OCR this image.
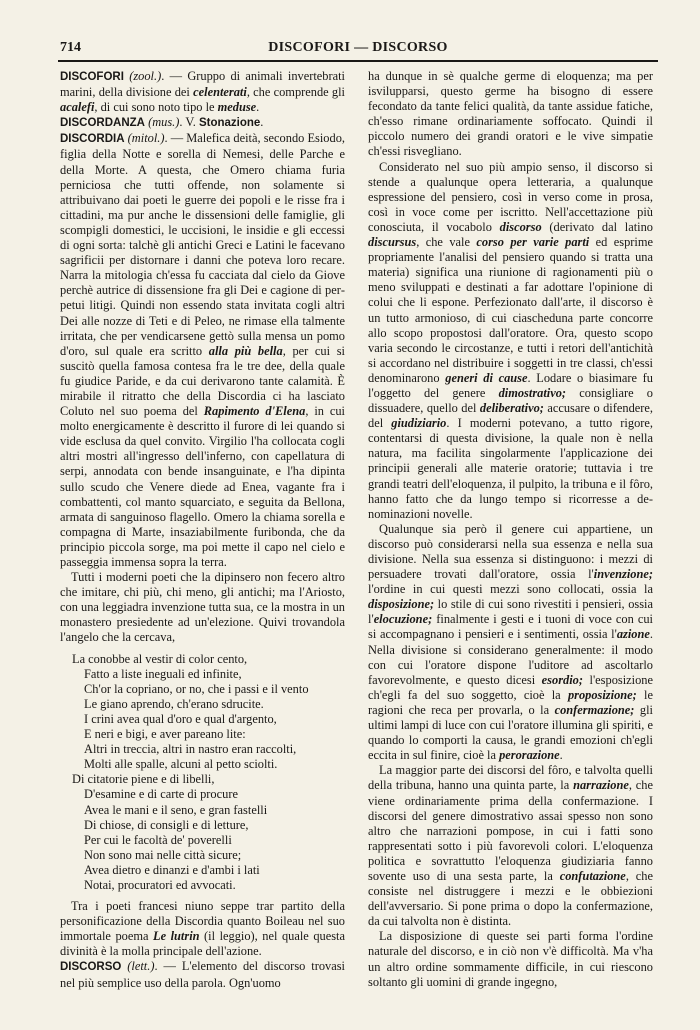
714	DISCOFORI — DISCORSO

DISCOFORI (zool.). — Gruppo di animali invertebrati marini, della divisione dei celenterati, che comprende gli acalefi, di cui sono noto tipo le meduse.

DISCORDANZA (mus.). V. Stonazione.

DISCORDIA (mitol.). — Malefica deità, secondo Esiodo, figlia della Notte e sorella di Nemesi, delle Parche e della Morte. A questa, che Omero chiama furia perniciosa che tutti offende, non solamente si attribuivano dai poeti le guerre dei popoli e le risse fra i cittadini, ma pur anche le dissensioni delle famiglie, gli scompigli domestici, le uccisioni, le insidie e gli eccessi di ogni sorta: talchè gli antichi Greci e Latini le facevano sagrificii per distornare i danni che poteva loro recare. Narra la mitologia ch'essa fu cacciata dal cielo da Giove perchè autrice di dissensione fra gli Dei e cagione di perpetui litigi. Quindi non essendo stata invitata cogli altri Dei alle nozze di Teti e di Peleo, ne rimase ella talmente irritata, che per vendicarsene gettò sulla mensa un pomo d'oro, sul quale era scritto alla più bella, per cui si suscitò quella famosa contesa fra le tre dee, della quale fu giudice Paride, e da cui derivarono tante calamità. È mirabile il ritratto che della Discordia ci ha lasciato Coluto nel suo poema del Rapimento d'Elena, in cui molto energicamente è descritto il furore di lei quando si vide esclusa da quel convito. Virgilio l'ha collocata cogli altri mostri all'ingresso dell'inferno, con capellatura di serpi, annodata con bende insanguinate, e l'ha dipinta sullo scudo che Venere diede ad Enea, vagante fra i combattenti, col manto squarciato, e seguita da Bellona, armata di sanguinoso flagello. Omero la chiama sorella e compagna di Marte, insaziabilmente furibonda, che da principio piccola sorge, ma poi mette il capo nel cielo e passeggia immensa sopra la terra.

Tutti i moderni poeti che la dipinsero non fecero altro che imitare, chi più, chi meno, gli antichi; ma l'Ariosto, con una leggiadra invenzione tutta sua, ce la mostra in un monastero presiedente ad un'elezione. Quivi trovandola l'angelo che la cercava,

La conobbe al vestir di color cento,
Fatto a liste ineguali ed infinite,
Ch'or la copriano, or no, che i passi e il vento
Le giano aprendo, ch'erano sdrucite.
I crini avea qual d'oro e qual d'argento,
E neri e bigi, e aver pareano lite:
Altri in treccia, altri in nastro eran raccolti,
Molti alle spalle, alcuni al petto sciolti.
Di citatorie piene e di libelli,
D'esamine e di carte di procure
Avea le mani e il seno, e gran fastelli
Di chiose, di consigli e di letture,
Per cui le facoltà de' poverelli
Non sono mai nelle città sicure;
Avea dietro e dinanzi e d'ambi i lati
Notai, procuratori ed avvocati.

Tra i poeti francesi niuno seppe trar partito della personificazione della Discordia quanto Boileau nel suo immortale poema Le lutrin (il leggio), nel quale questa divinità è la molla principale dell'azione.

DISCORSO (lett.). — L'elemento del discorso trovasi nel più semplice uso della parola. Ogn'uomo

ha dunque in sè qualche germe di eloquenza; ma per isvilupparsi, questo germe ha bisogno di essere fecondato da tante felici qualità, da tante assidue fatiche, ch'esso rimane ordinariamente soffocato. Quindi il piccolo numero dei grandi oratori e le vive simpatie ch'essi risvegliano.

Considerato nel suo più ampio senso, il discorso si stende a qualunque opera letteraria, a qualunque espressione del pensiero, così in verso come in prosa, così in voce come per iscritto. Nell'accettazione più conosciuta, il vocabolo discorso (derivato dal latino discursus, che vale corso per varie parti ed esprime propriamente l'analisi del pensiero quando si tratta una materia) significa una riunione di ragionamenti più o meno sviluppati e destinati a far adottare l'opinione di colui che li espone. Perfezionato dall'arte, il discorso è un tutto armonioso, di cui ciascheduna parte concorre allo scopo propostosi dall'oratore. Ora, questo scopo varia secondo le circostanze, e tutti i retori dell'antichità si accordano nel distribuire i soggetti in tre classi, ch'essi denominarono generi di cause. Lodare o biasimare fu l'oggetto del genere dimostrativo; consigliare o dissuadere, quello del deliberativo; accusare o difendere, del giudiziario. I moderni potevano, a tutto rigore, contentarsi di questa divisione, la quale non è nella natura, ma facilita singolarmente l'applicazione dei principii generali alle materie oratorie; tuttavia i tre grandi teatri dell'eloquenza, il pulpito, la tribuna e il fôro, hanno fatto che da lungo tempo si ricorresse a denominazioni novelle.

Qualunque sia però il genere cui appartiene, un discorso può considerarsi nella sua essenza e nella sua divisione. Nella sua essenza si distinguono: i mezzi di persuadere trovati dall'oratore, ossia l'invenzione; l'ordine in cui questi mezzi sono collocati, ossia la disposizione; lo stile di cui sono rivestiti i pensieri, ossia l'elocuzione; finalmente i gesti e i tuoni di voce con cui si accompagnano i pensieri e i sentimenti, ossia l'azione. Nella divisione si considerano generalmente: il modo con cui l'oratore dispone l'uditore ad ascoltarlo favorevolmente, e questo dicesi esordio; l'esposizione ch'egli fa del suo soggetto, cioè la proposizione; le ragioni che reca per provarla, o la confermazione; gli ultimi lampi di luce con cui l'oratore illumina gli spiriti, e quando lo comporti la causa, le grandi emozioni ch'egli eccita in sul finire, cioè la perorazione.

La maggior parte dei discorsi del fôro, e talvolta quelli della tribuna, hanno una quinta parte, la narrazione, che viene ordinariamente prima della confermazione. I discorsi del genere dimostrativo assai spesso non sono altro che narrazioni pompose, in cui i fatti sono rappresentati sotto i più favorevoli colori. L'eloquenza politica e sovrattutto l'eloquenza giudiziaria fanno sovente uso di una sesta parte, la confutazione, che consiste nel distruggere i mezzi e le obbiezioni dell'avversario. Si pone prima o dopo la confermazione, da cui talvolta non è distinta.

La disposizione di queste sei parti forma l'ordine naturale del discorso, e in ciò non v'è difficoltà. Ma v'ha un altro ordine sommamente difficile, in cui riescono soltanto gli uomini di grande ingegno,
